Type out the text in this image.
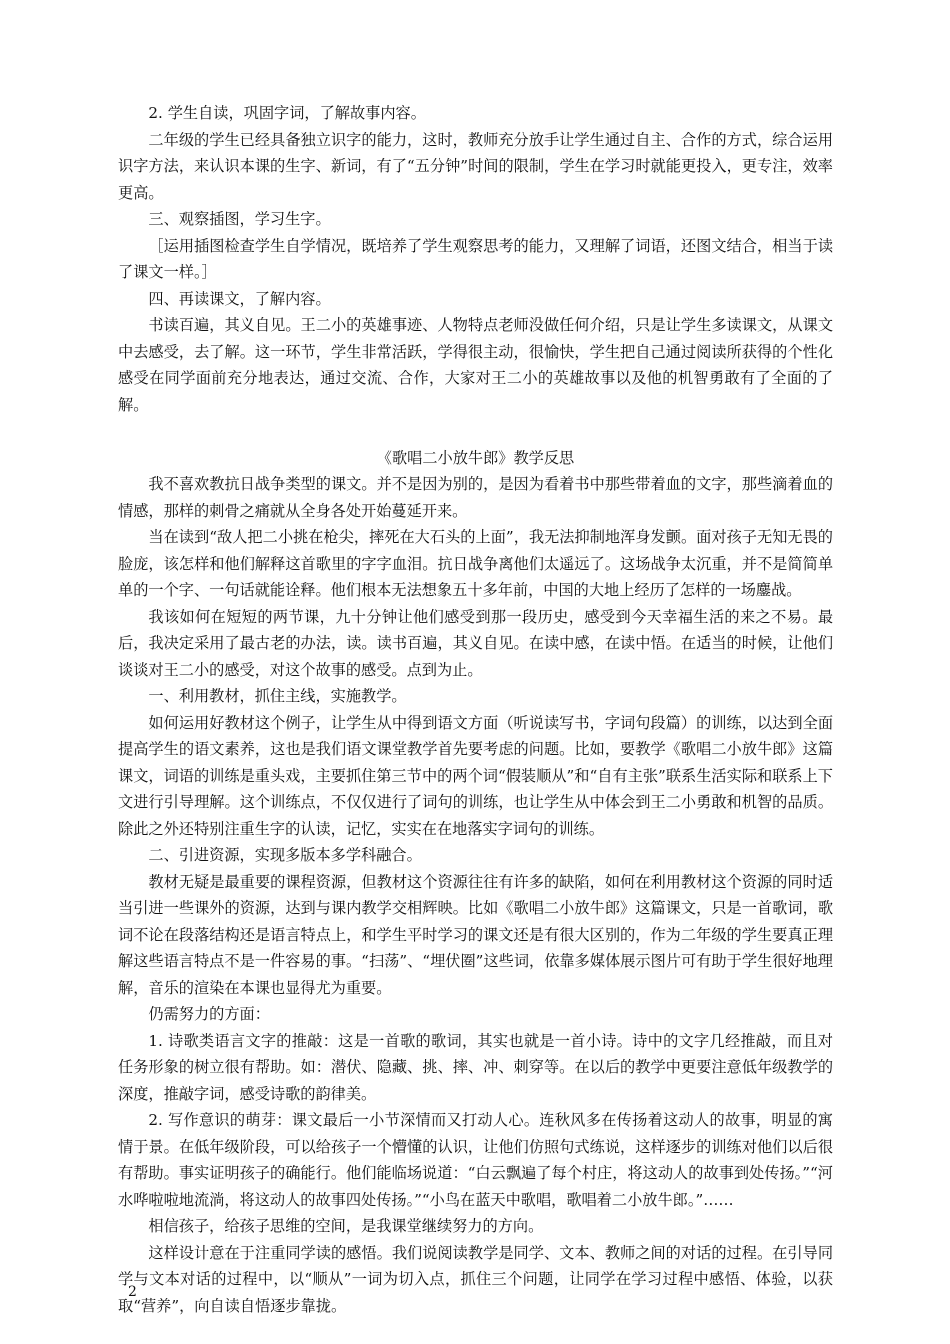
2. 学生自读，巩固字词，了解故事内容。

二年级的学生已经具备独立识字的能力，这时，教师充分放手让学生通过自主、合作的方式，综合运用识字方法，来认识本课的生字、新词，有了“五分钟”时间的限制，学生在学习时就能更投入，更专注，效率更高。

三、观察插图，学习生字。

［运用插图检查学生自学情况，既培养了学生观察思考的能力，又理解了词语，还图文结合，相当于读了课文一样。］

四、再读课文，了解内容。

书读百遍，其义自见。王二小的英雄事迹、人物特点老师没做任何介绍，只是让学生多读课文，从课文中去感受，去了解。这一环节，学生非常活跃，学得很主动，很愉快，学生把自己通过阅读所获得的个性化感受在同学面前充分地表达，通过交流、合作，大家对王二小的英雄故事以及他的机智勇敢有了全面的了解。

《歌唱二小放牛郎》教学反思

我不喜欢教抗日战争类型的课文。并不是因为别的，是因为看着书中那些带着血的文字，那些滴着血的情感，那样的刺骨之痛就从全身各处开始蔓延开来。

当在读到“敌人把二小挑在枪尖，摔死在大石头的上面”，我无法抑制地浑身发颤。面对孩子无知无畏的脸庞，该怎样和他们解释这首歌里的字字血泪。抗日战争离他们太遥远了。这场战争太沉重，并不是简简单单的一个字、一句话就能诠释。他们根本无法想象五十多年前，中国的大地上经历了怎样的一场鏖战。

我该如何在短短的两节课，九十分钟让他们感受到那一段历史，感受到今天幸福生活的来之不易。最后，我决定采用了最古老的办法，读。读书百遍，其义自见。在读中感，在读中悟。在适当的时候，让他们谈谈对王二小的感受，对这个故事的感受。点到为止。

一、利用教材，抓住主线，实施教学。

如何运用好教材这个例子，让学生从中得到语文方面（听说读写书，字词句段篇）的训练，以达到全面提高学生的语文素养，这也是我们语文课堂教学首先要考虑的问题。比如，要教学《歌唱二小放牛郎》这篇课文，词语的训练是重头戏，主要抓住第三节中的两个词“假装顺从”和“自有主张”联系生活实际和联系上下文进行引导理解。这个训练点，不仅仅进行了词句的训练，也让学生从中体会到王二小勇敢和机智的品质。除此之外还特别注重生字的认读，记忆，实实在在地落实字词句的训练。

二、引进资源，实现多版本多学科融合。

教材无疑是最重要的课程资源，但教材这个资源往往有许多的缺陷，如何在利用教材这个资源的同时适当引进一些课外的资源，达到与课内教学交相辉映。比如《歌唱二小放牛郎》这篇课文，只是一首歌词，歌词不论在段落结构还是语言特点上，和学生平时学习的课文还是有很大区别的，作为二年级的学生要真正理解这些语言特点不是一件容易的事。“扫荡”、“埋伏圈”这些词，依靠多媒体展示图片可有助于学生很好地理解，音乐的渲染在本课也显得尤为重要。

仍需努力的方面：

1. 诗歌类语言文字的推敲：这是一首歌的歌词，其实也就是一首小诗。诗中的文字几经推敲，而且对任务形象的树立很有帮助。如：潜伏、隐藏、挑、摔、冲、刺穿等。在以后的教学中更要注意低年级教学的深度，推敲字词，感受诗歌的韵律美。

2. 写作意识的萌芽：课文最后一小节深情而又打动人心。连秋风多在传扬着这动人的故事，明显的寓情于景。在低年级阶段，可以给孩子一个懵懂的认识，让他们仿照句式练说，这样逐步的训练对他们以后很有帮助。事实证明孩子的确能行。他们能临场说道：“白云飘遍了每个村庄，将这动人的故事到处传扬。”“河水哗啦啦地流淌，将这动人的故事四处传扬。”“小鸟在蓝天中歌唱，歌唱着二小放牛郎。”……

相信孩子，给孩子思维的空间，是我课堂继续努力的方向。

这样设计意在于注重同学读的感悟。我们说阅读教学是同学、文本、教师之间的对话的过程。在引导同学与文本对话的过程中，以“顺从”一词为切入点，抓住三个问题，让同学在学习过程中感悟、体验，以获取“营养”，向自读自悟逐步靠拢。

2
